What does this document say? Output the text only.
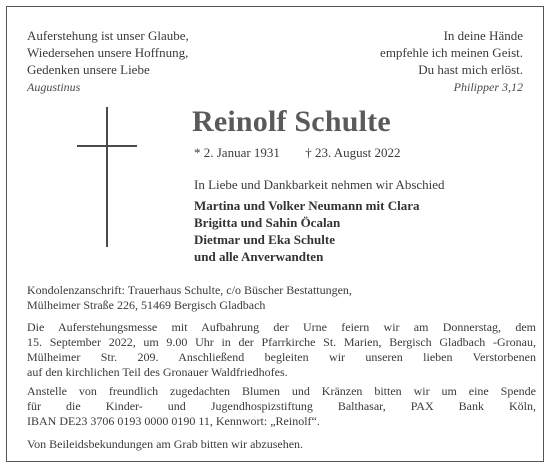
Auferstehung ist unser Glaube,
Wiedersehen unsere Hoffnung,
Gedenken unsere Liebe
Augustinus
In deine Hände
empfehle ich meinen Geist.
Du hast mich erlöst.
Philipper 3,12
Reinolf Schulte
* 2. Januar 1931 † 23. August 2022
In Liebe und Dankbarkeit nehmen wir Abschied
Martina und Volker Neumann mit Clara
Brigitta und Sahin Öcalan
Dietmar und Eka Schulte
und alle Anverwandten
Kondolenzanschrift: Trauerhaus Schulte, c/o Büscher Bestattungen,
Mülheimer Straße 226, 51469 Bergisch Gladbach
Die Auferstehungsmesse mit Aufbahrung der Urne feiern wir am Donnerstag, dem
15. September 2022, um 9.00 Uhr in der Pfarrkirche St. Marien, Bergisch Gladbach -Gronau,
Mülheimer Str. 209. Anschließend begleiten wir unseren lieben Verstorbenen
auf den kirchlichen Teil des Gronauer Waldfriedhofes.
Anstelle von freundlich zugedachten Blumen und Kränzen bitten wir um eine Spende
für die Kinder- und Jugendhospizstiftung Balthasar, PAX Bank Köln,
IBAN DE23 3706 0193 0000 0190 11, Kennwort: „Reinolf“.
Von Beileidsbekundungen am Grab bitten wir abzusehen.
